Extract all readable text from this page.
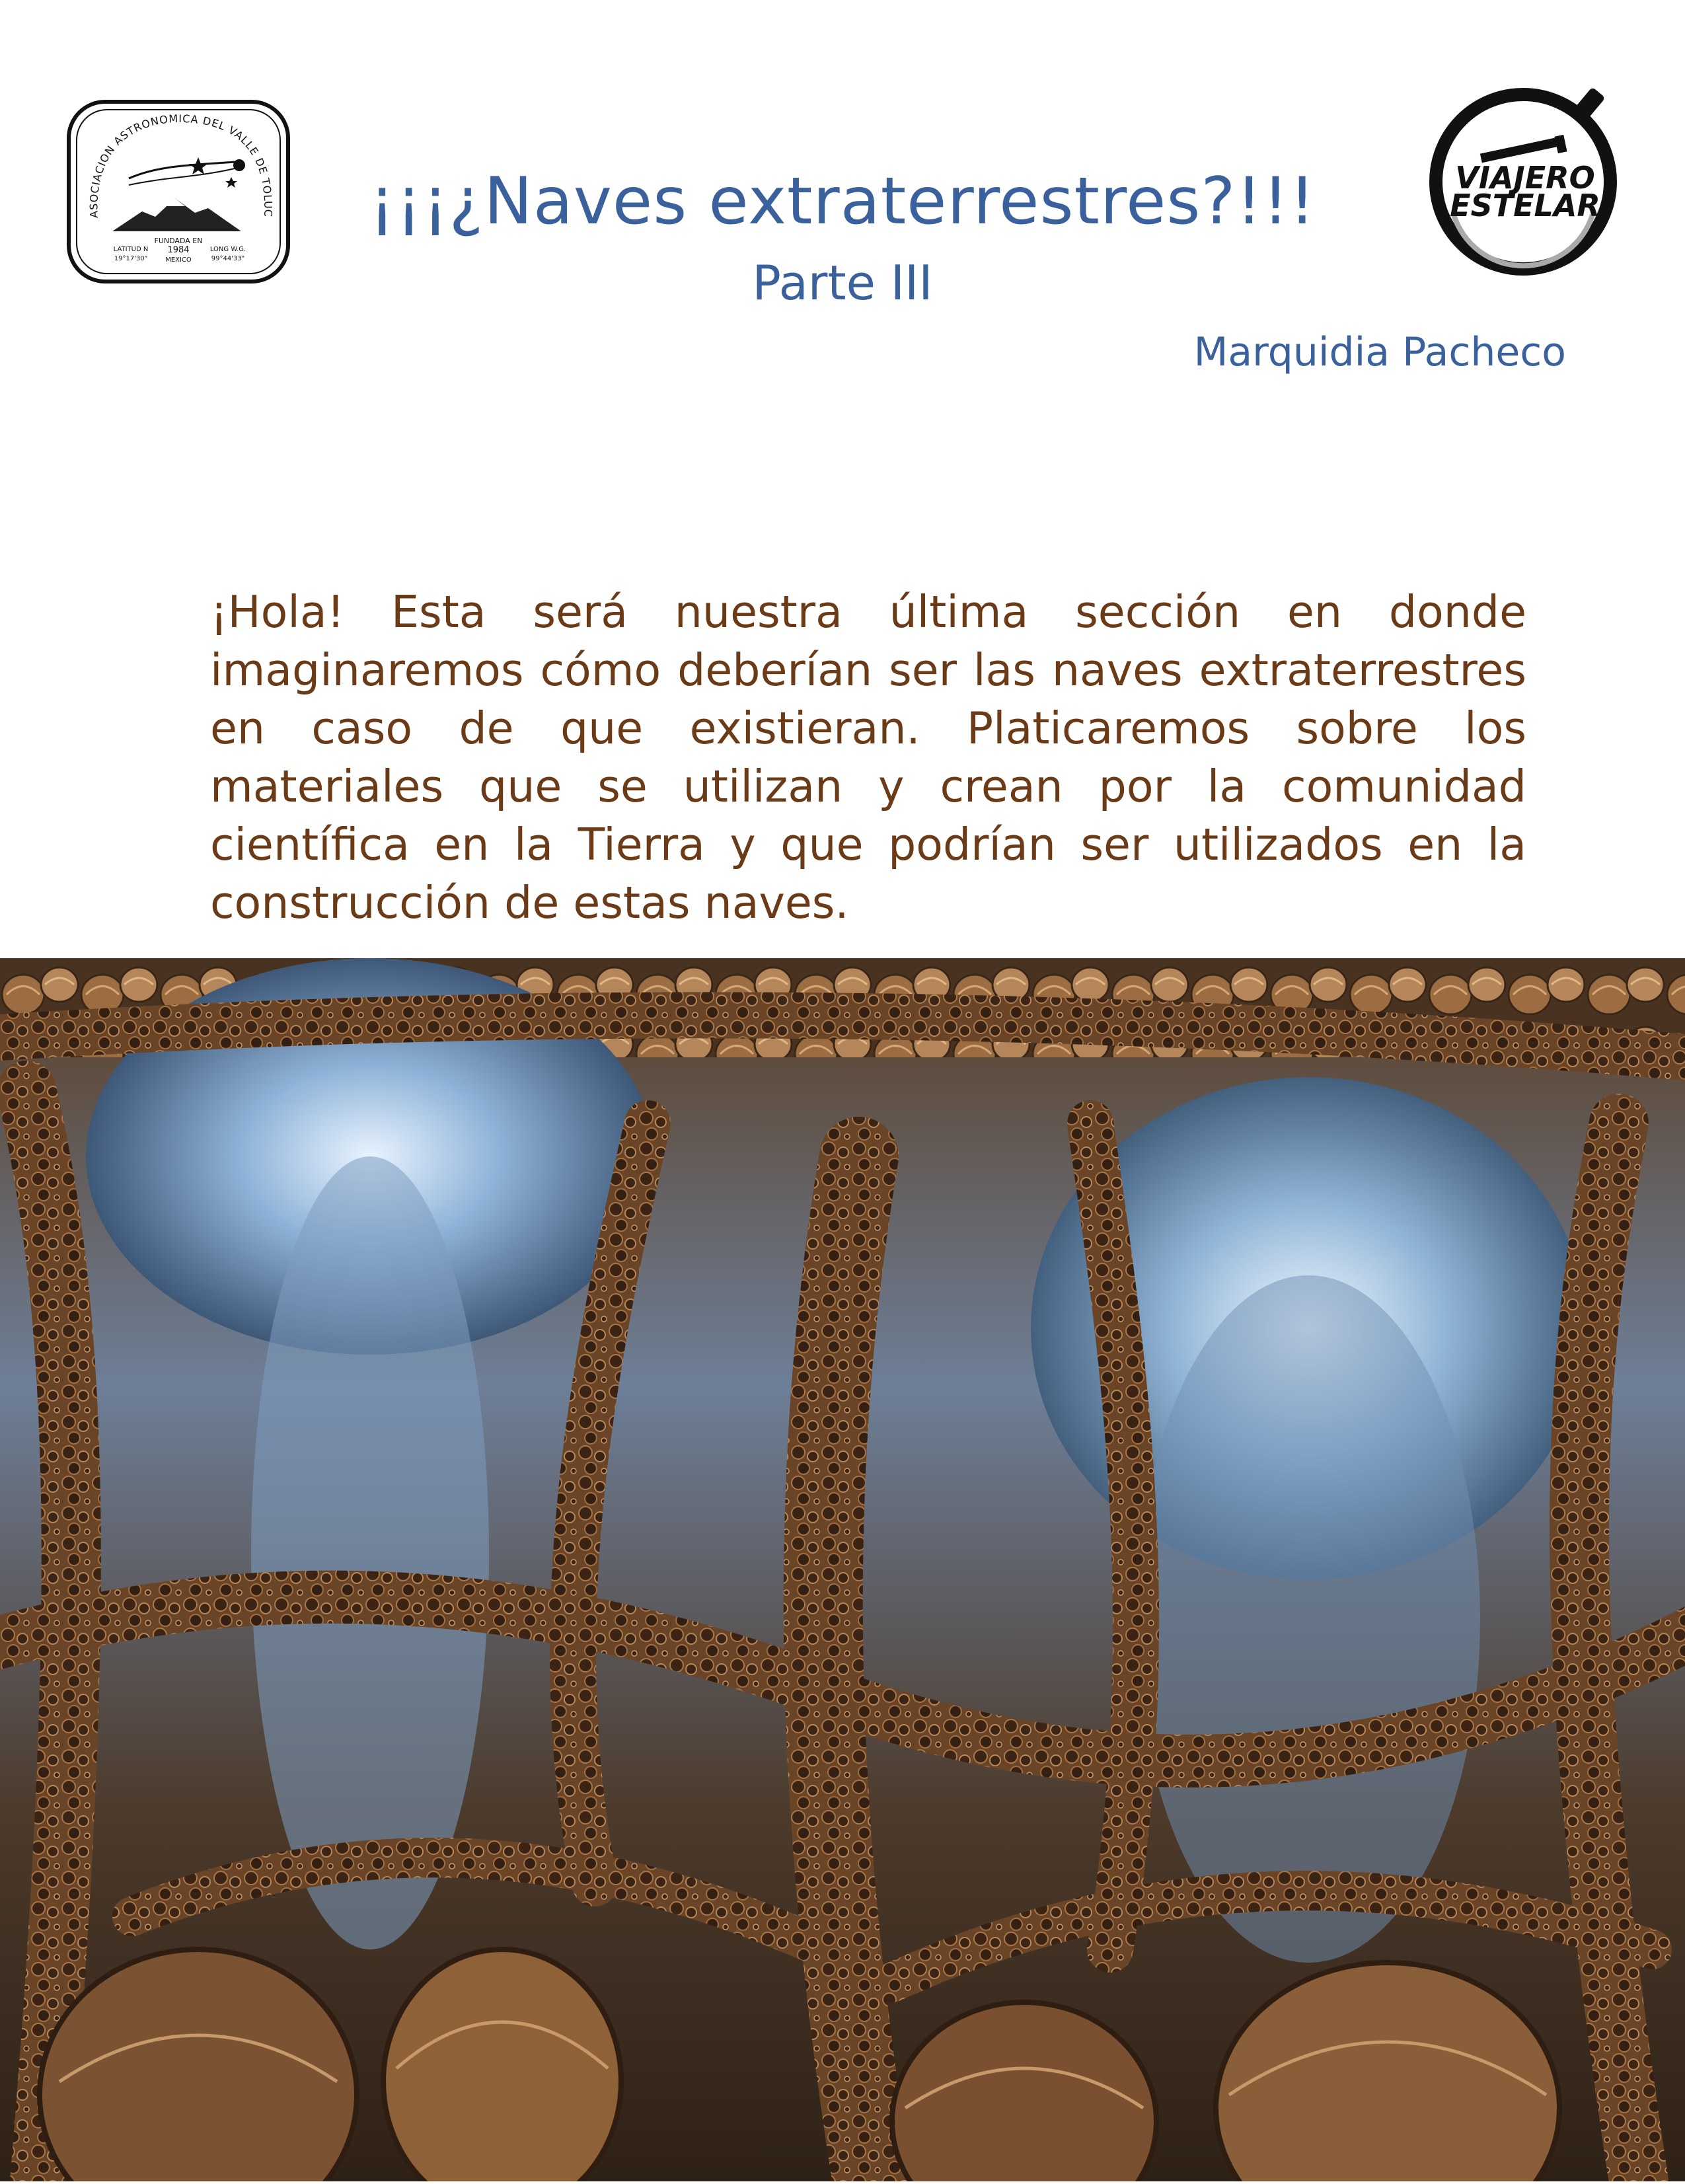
ASOCIACION ASTRONOMICA DEL VALLE DE TOLUC
FUNDADA EN
1984
MEXICO
LATITUD N
19°17'30"
LONG W.G.
99°44'33"
¡¡¡¿Naves extraterrestres?!!!
Parte III
Marquidia Pacheco
VIAJERO
ESTELAR

¡Hola! Esta será nuestra última sección en donde imaginaremos cómo deberían ser las naves extraterrestres en caso de que existieran. Platicaremos sobre los materiales que se utilizan y crean por la comunidad científica en la Tierra y que podrían ser utilizados en la construcción de estas naves.
